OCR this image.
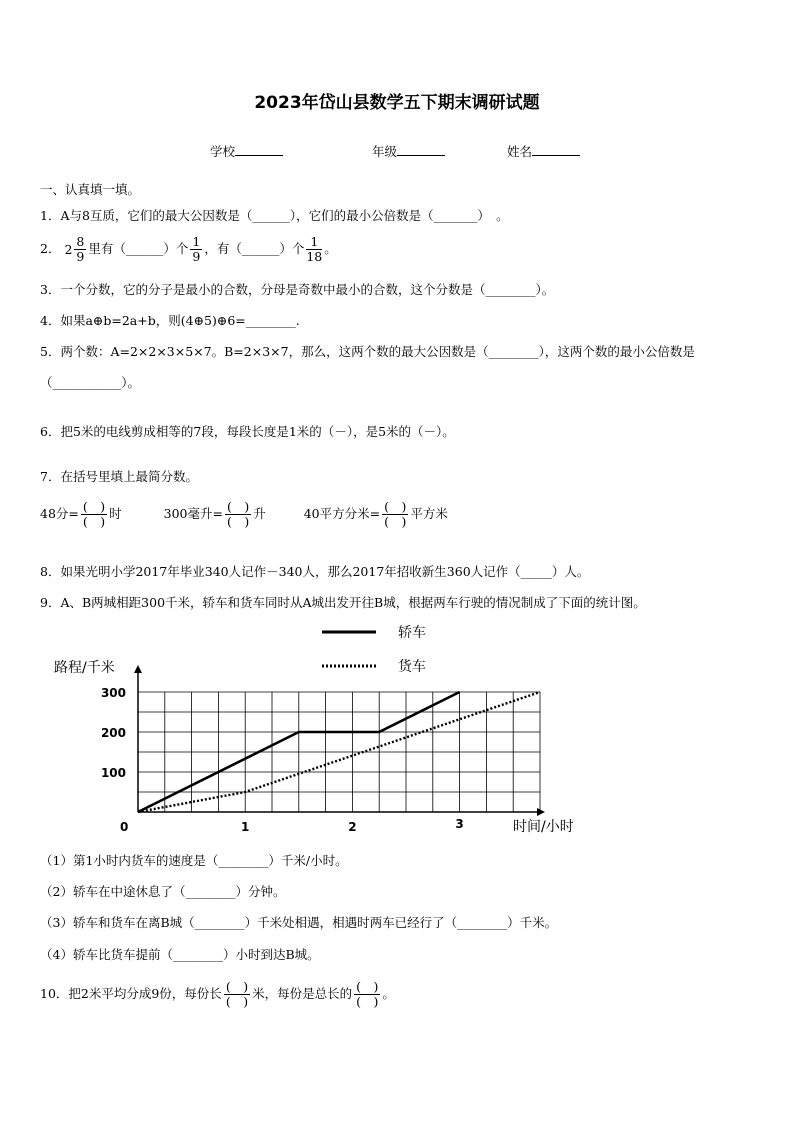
2023年岱山县数学五下期末调研试题
学校	年级	姓名
一、认真填一填。
1．A与8互质，它们的最大公因数是（______），它们的最小公倍数是（_______）　。
2． $2 \frac{8}{9}$ 里有（______）个 $\frac{1}{9}$ ，有（______）个 $\frac{1}{18}$ 。
3．一个分数，它的分子是最小的合数，分母是奇数中最小的合数，这个分数是（________）。
4．如果a⊕b=2a+b，则(4⊕5)⊕6=________.
5．两个数：A=2×2×3×5×7。B=2×3×7，那么，这两个数的最大公因数是（________），这两个数的最小公倍数是
（___________）。
6．把5米的电线剪成相等的7段，每段长度是1米的（－），是5米的（－）。
7．在括号里填上最简分数。
48分= $\frac{( )}{( )}$ 时	300毫升= $\frac{( )}{( )}$ 升	40平方分米= $\frac{( )}{( )}$ 平方米
8．如果光明小学2017年毕业340人记作－340人，那么2017年招收新生360人记作（_____）人。
9．A、B两城相距300千米，轿车和货车同时从A城出发开往B城，根据两车行驶的情况制成了下面的统计图。
路程/千米
时间/小时
0
100
200
300
1	2	3
轿车
货车
（1）第1小时内货车的速度是（________）千米/小时。
（2）轿车在中途休息了（________）分钟。
（3）轿车和货车在离B城（________）千米处相遇，相遇时两车已经行了（________）千米。
（4）轿车比货车提前（________）小时到达B城。
10．把2米平均分成9份，每份长 $\frac{( )}{( )}$ 米，每份是总长的 $\frac{( )}{( )}$ 。
